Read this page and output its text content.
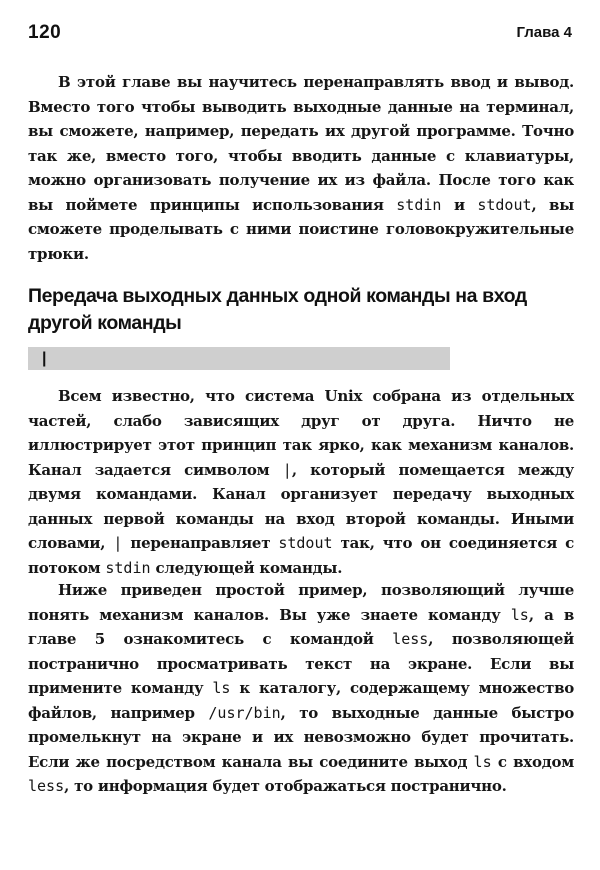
120	Глава 4

В этой главе вы научитесь перенаправлять ввод и вывод. Вместо того чтобы выводить выходные данные на терминал, вы сможете, например, передать их другой программе. Точно так же, вместо того, чтобы вводить данные с клавиатуры, можно организовать получение их из файла. После того как вы поймете принципы использования stdin и stdout, вы сможете проделывать с ними поистине головокружительные трюки.

Передача выходных данных одной команды на вход другой команды
|

Всем известно, что система Unix собрана из отдельных частей, слабо зависящих друг от друга. Ничто не иллюстрирует этот принцип так ярко, как механизм каналов. Канал задается символом |, который помещается между двумя командами. Канал организует передачу выходных данных первой команды на вход второй команды. Иными словами, | перенаправляет stdout так, что он соединяется с потоком stdin следующей команды.

Ниже приведен простой пример, позволяющий лучше понять механизм каналов. Вы уже знаете команду ls, а в главе 5 ознакомитесь с командой less, позволяющей постранично просматривать текст на экране. Если вы примените команду ls к каталогу, содержащему множество файлов, например /usr/bin, то выходные данные быстро промелькнут на экране и их невозможно будет прочитать. Если же посредством канала вы соедините выход ls с входом less, то информация будет отображаться постранично.
